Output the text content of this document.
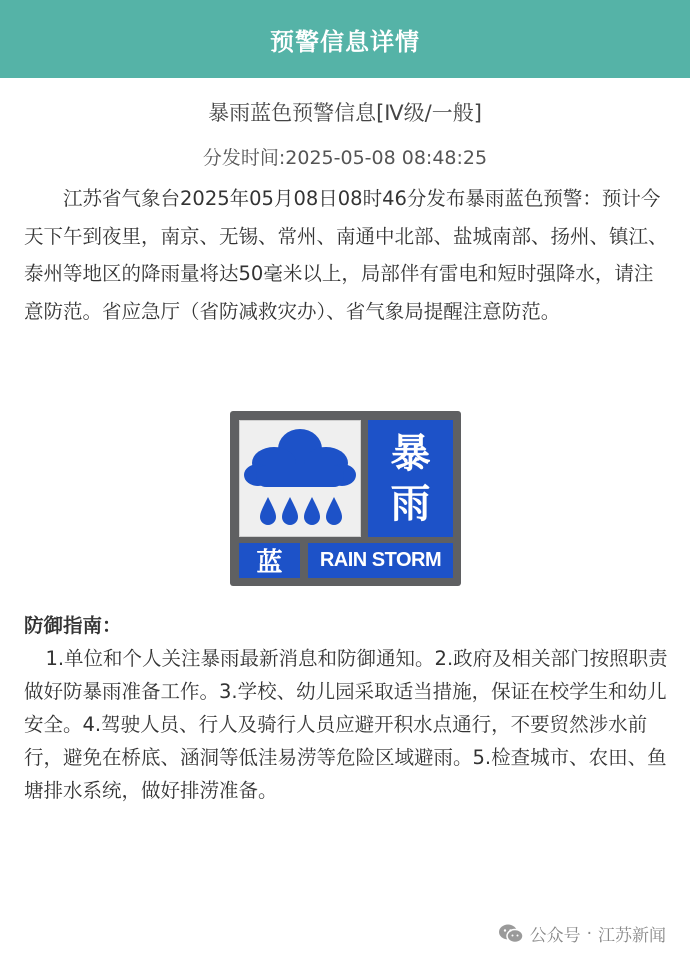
预警信息详情
暴雨蓝色预警信息[Ⅳ级/一般]
分发时间:2025-05-08 08:48:25

江苏省气象台2025年05月08日08时46分发布暴雨蓝色预警：预计今天下午到夜里，南京、无锡、常州、南通中北部、盐城南部、扬州、镇江、泰州等地区的降雨量将达50毫米以上，局部伴有雷电和短时强降水，请注意防范。省应急厅（省防减救灾办）、省气象局提醒注意防范。

暴
雨
蓝	RAIN STORM
防御指南：

1.单位和个人关注暴雨最新消息和防御通知。2.政府及相关部门按照职责做好防暴雨准备工作。3.学校、幼儿园采取适当措施，保证在校学生和幼儿安全。4.驾驶人员、行人及骑行人员应避开积水点通行，不要贸然涉水前行，避免在桥底、涵洞等低洼易涝等危险区域避雨。5.检查城市、农田、鱼塘排水系统，做好排涝准备。

公众号 · 江苏新闻
